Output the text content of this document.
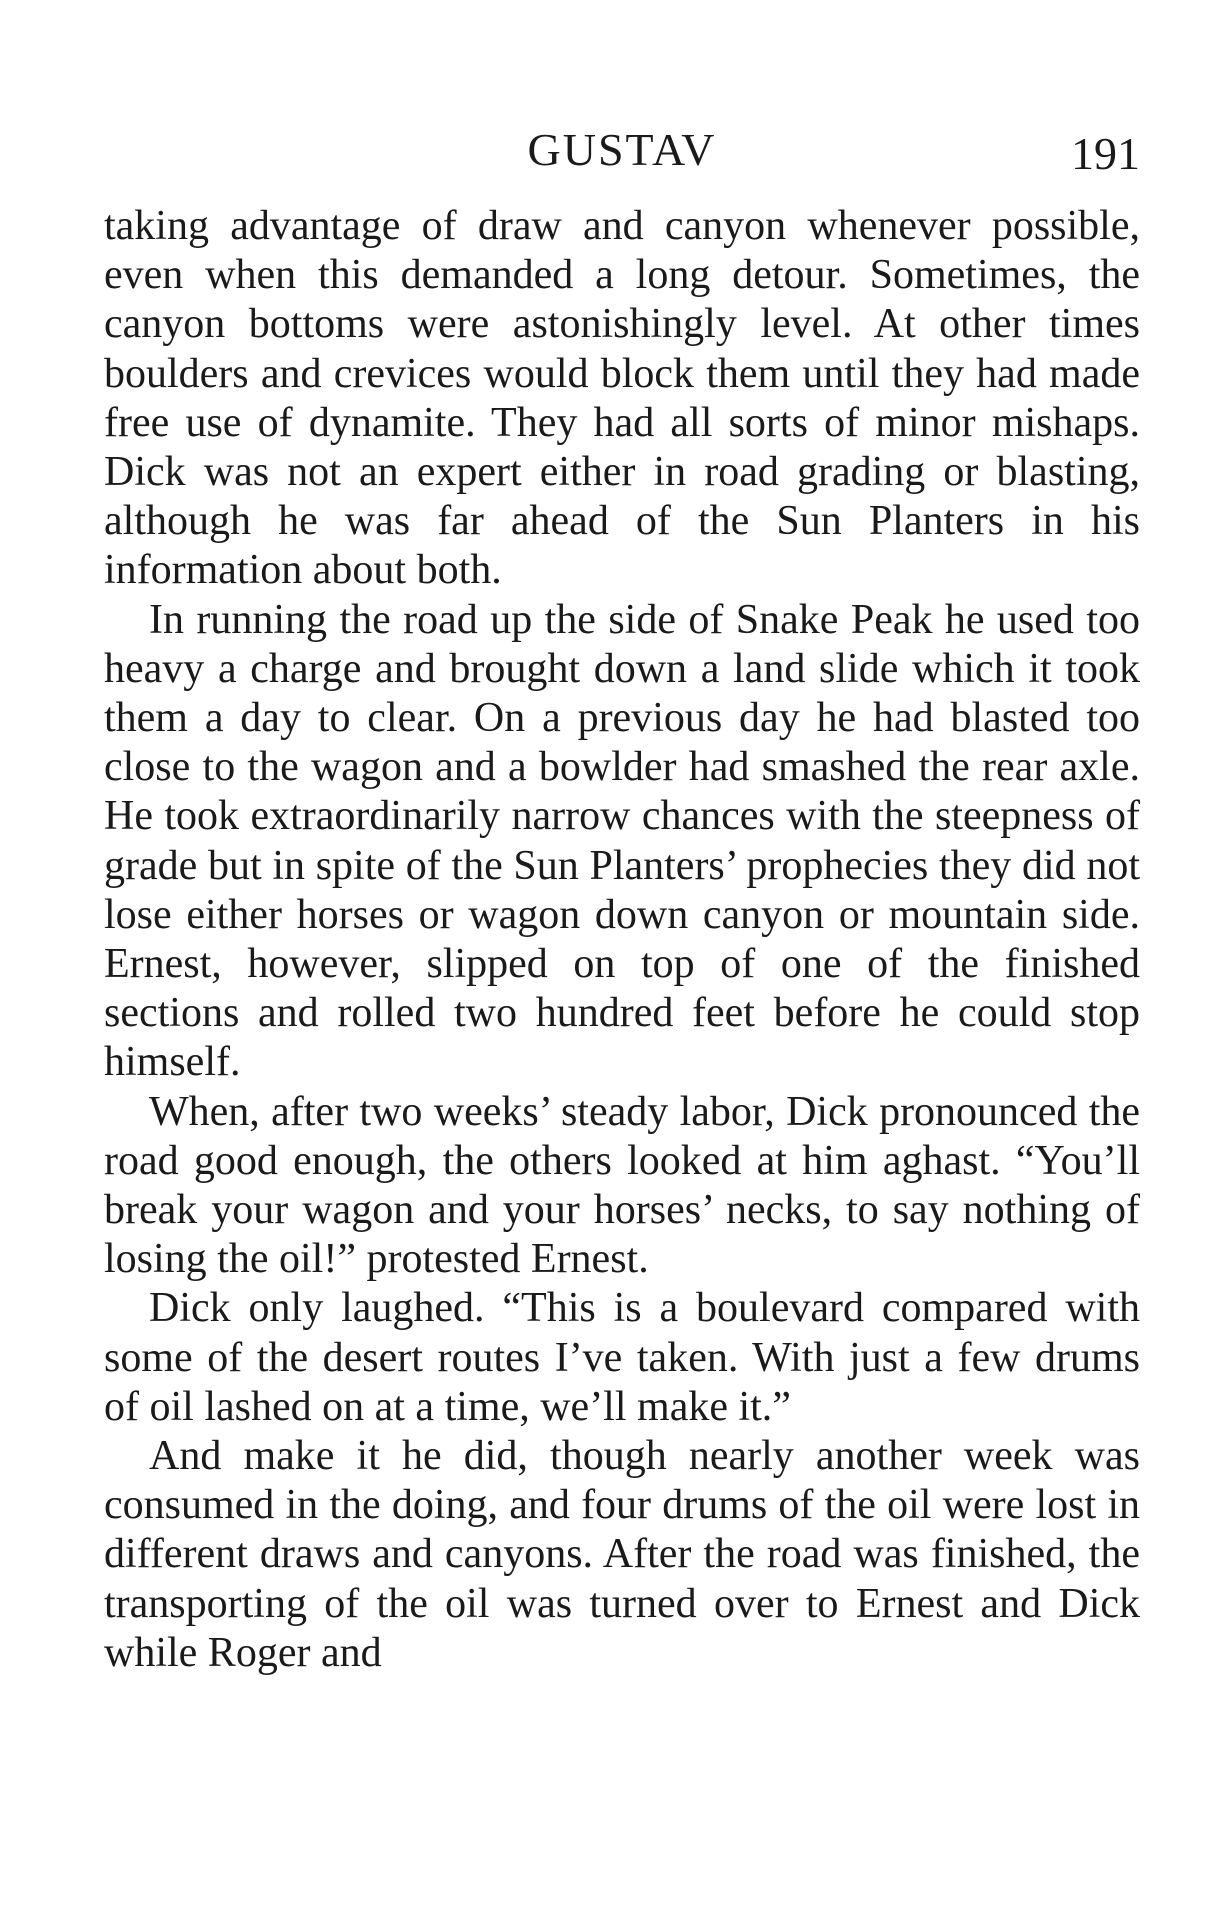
GUSTAV	191

taking advantage of draw and canyon whenever possible, even when this demanded a long detour. Sometimes, the canyon bottoms were astonishingly level. At other times boulders and crevices would block them until they had made free use of dynamite. They had all sorts of minor mishaps. Dick was not an expert either in road grading or blasting, although he was far ahead of the Sun Planters in his information about both.

In running the road up the side of Snake Peak he used too heavy a charge and brought down a land slide which it took them a day to clear. On a previous day he had blasted too close to the wagon and a bowlder had smashed the rear axle. He took extraordinarily narrow chances with the steepness of grade but in spite of the Sun Planters’ prophecies they did not lose either horses or wagon down canyon or mountain side. Ernest, however, slipped on top of one of the finished sections and rolled two hundred feet before he could stop himself.

When, after two weeks’ steady labor, Dick pronounced the road good enough, the others looked at him aghast. “You’ll break your wagon and your horses’ necks, to say nothing of losing the oil!” protested Ernest.

Dick only laughed. “This is a boulevard compared with some of the desert routes I’ve taken. With just a few drums of oil lashed on at a time, we’ll make it.”

And make it he did, though nearly another week was consumed in the doing, and four drums of the oil were lost in different draws and canyons. After the road was finished, the transporting of the oil was turned over to Ernest and Dick while Roger and
